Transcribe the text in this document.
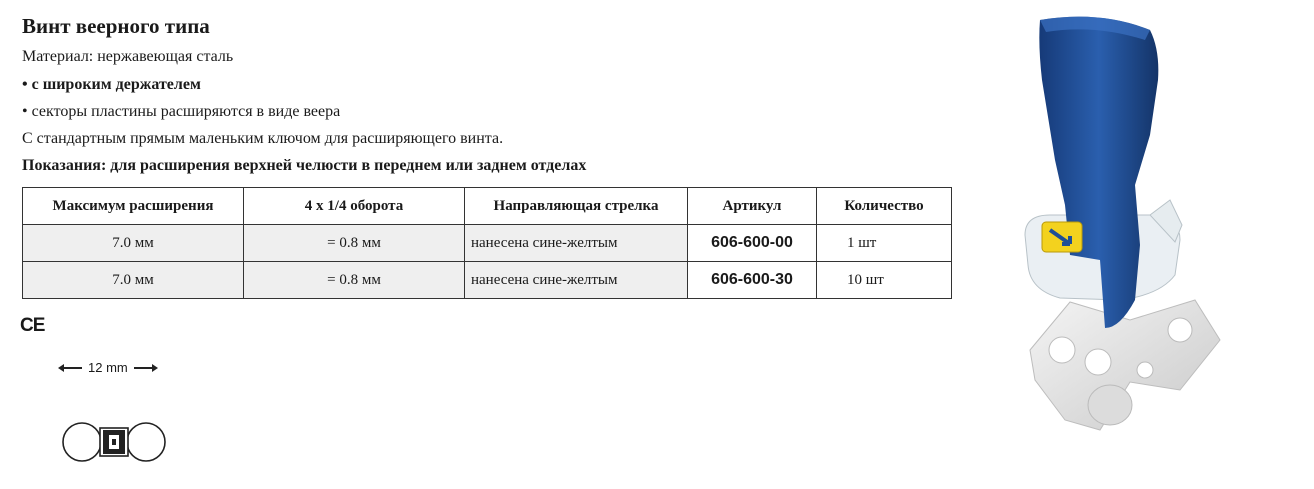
Винт веерного типа
Материал: нержавеющая сталь
• с широким держателем
• секторы пластины расширяются в виде веера
С стандартным прямым маленьким ключом для расширяющего винта.
Показания: для расширения верхней челюсти в переднем или заднем отделах
Максимум расширения	4 x 1/4 оборота	Направляющая стрелка	Артикул	Количество
7.0 мм	= 0.8 мм	нанесена сине-желтым	606-600-00	1 шт
7.0 мм	= 0.8 мм	нанесена сине-желтым	606-600-30	10 шт
CE
12 mm
